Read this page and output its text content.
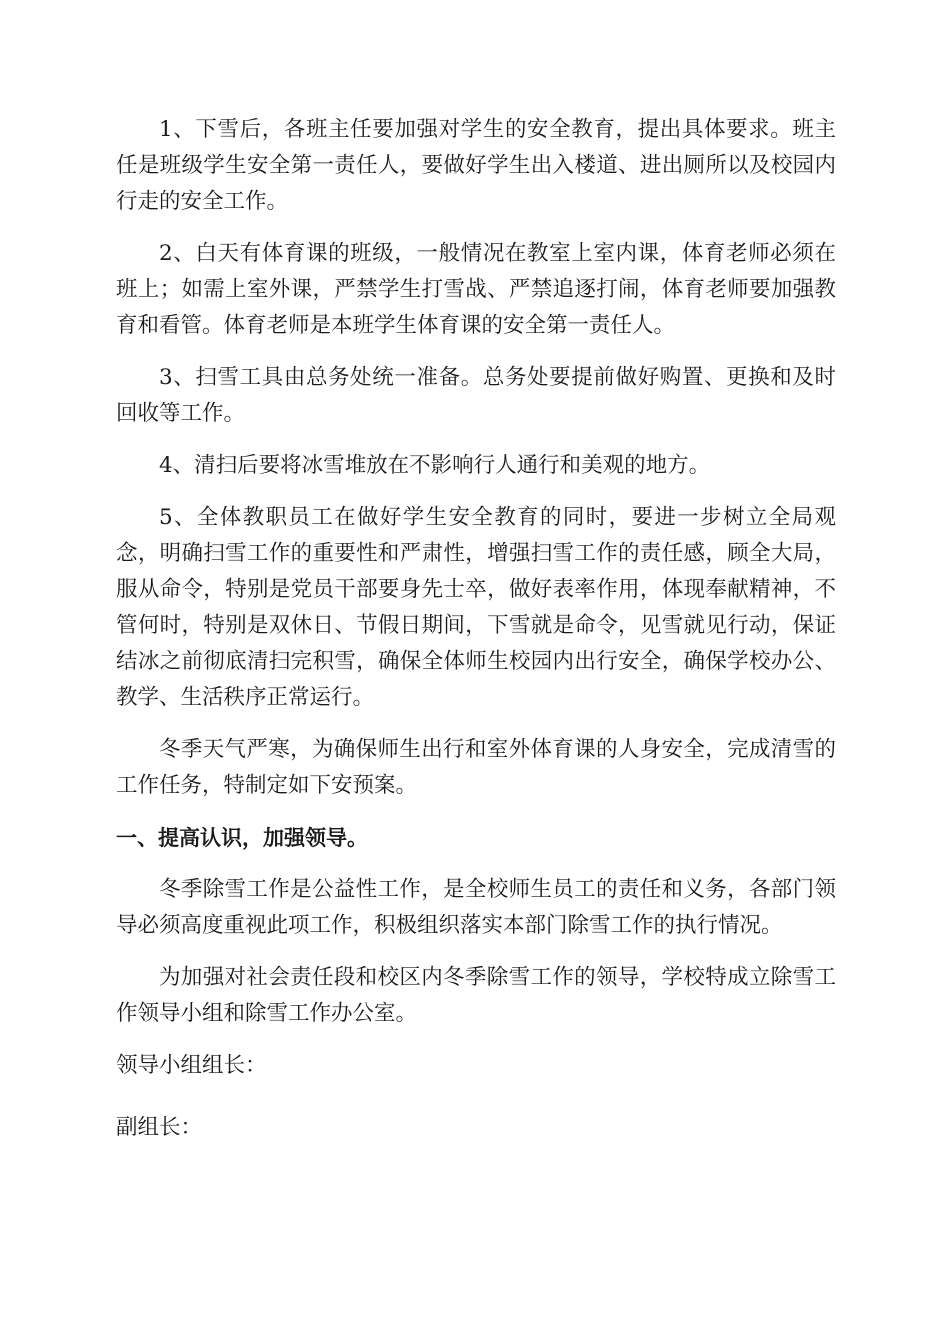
1、下雪后，各班主任要加强对学生的安全教育，提出具体要求。班主任是班级学生安全第一责任人，要做好学生出入楼道、进出厕所以及校园内行走的安全工作。

2、白天有体育课的班级，一般情况在教室上室内课，体育老师必须在班上；如需上室外课，严禁学生打雪战、严禁追逐打闹，体育老师要加强教育和看管。体育老师是本班学生体育课的安全第一责任人。

3、扫雪工具由总务处统一准备。总务处要提前做好购置、更换和及时回收等工作。

4、清扫后要将冰雪堆放在不影响行人通行和美观的地方。

5、全体教职员工在做好学生安全教育的同时，要进一步树立全局观念，明确扫雪工作的重要性和严肃性，增强扫雪工作的责任感，顾全大局，服从命令，特别是党员干部要身先士卒，做好表率作用，体现奉献精神，不管何时，特别是双休日、节假日期间，下雪就是命令，见雪就见行动，保证结冰之前彻底清扫完积雪，确保全体师生校园内出行安全，确保学校办公、教学、生活秩序正常运行。

冬季天气严寒，为确保师生出行和室外体育课的人身安全，完成清雪的工作任务，特制定如下安预案。

一、提高认识，加强领导。

冬季除雪工作是公益性工作，是全校师生员工的责任和义务，各部门领导必须高度重视此项工作，积极组织落实本部门除雪工作的执行情况。

为加强对社会责任段和校区内冬季除雪工作的领导，学校特成立除雪工作领导小组和除雪工作办公室。

领导小组组长：

副组长：
